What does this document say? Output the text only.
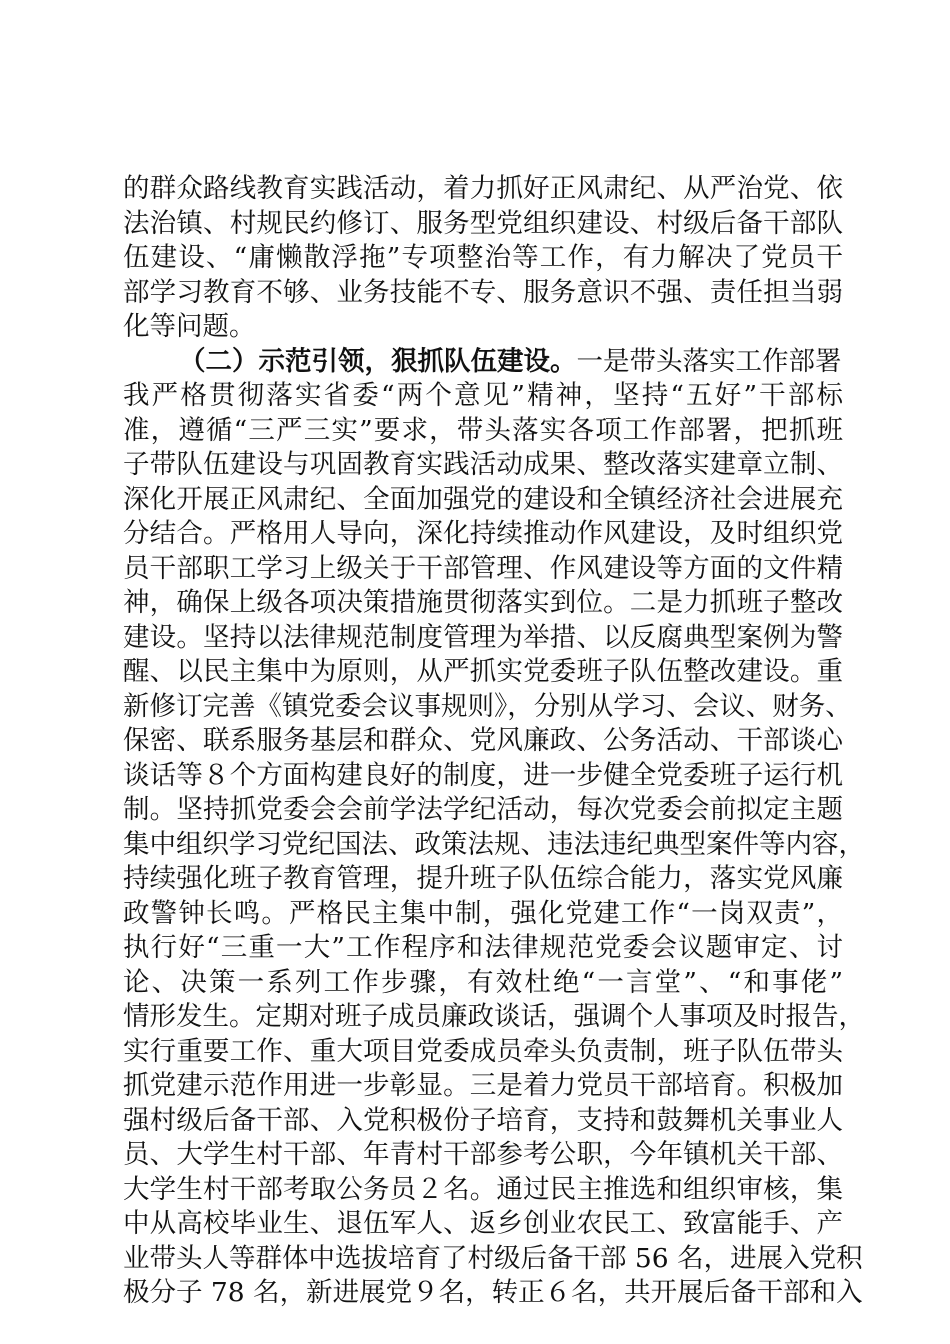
的群众路线教育实践活动，着力抓好正风肃纪、从严治党、依
法治镇、村规民约修订、服务型党组织建设、村级后备干部队
伍建设、“庸懒散浮拖”专项整治等工作，有力解决了党员干
部学习教育不够、业务技能不专、服务意识不强、责任担当弱
化等问题。
（二）示范引领，狠抓队伍建设。一是带头落实工作部署
我严格贯彻落实省委“两个意见”精神，坚持“五好”干部标
准，遵循“三严三实”要求，带头落实各项工作部署，把抓班
子带队伍建设与巩固教育实践活动成果、整改落实建章立制、
深化开展正风肃纪、全面加强党的建设和全镇经济社会进展充
分结合。严格用人导向，深化持续推动作风建设，及时组织党
员干部职工学习上级关于干部管理、作风建设等方面的文件精
神，确保上级各项决策措施贯彻落实到位。二是力抓班子整改
建设。坚持以法律规范制度管理为举措、以反腐典型案例为警
醒、以民主集中为原则，从严抓实党委班子队伍整改建设。重
新修订完善《镇党委会议事规则》，分别从学习、会议、财务、
保密、联系服务基层和群众、党风廉政、公务活动、干部谈心
谈话等８个方面构建良好的制度，进一步健全党委班子运行机
制。坚持抓党委会会前学法学纪活动，每次党委会前拟定主题
集中组织学习党纪国法、政策法规、违法违纪典型案件等内容，
持续强化班子教育管理，提升班子队伍综合能力，落实党风廉
政警钟长鸣。严格民主集中制，强化党建工作“一岗双责”，
执行好“三重一大”工作程序和法律规范党委会议题审定、讨
论、决策一系列工作步骤，有效杜绝“一言堂”、“和事佬”
情形发生。定期对班子成员廉政谈话，强调个人事项及时报告，
实行重要工作、重大项目党委成员牵头负责制，班子队伍带头
抓党建示范作用进一步彰显。三是着力党员干部培育。积极加
强村级后备干部、入党积极份子培育，支持和鼓舞机关事业人
员、大学生村干部、年青村干部参考公职，今年镇机关干部、
大学生村干部考取公务员２名。通过民主推选和组织审核，集
中从高校毕业生、退伍军人、返乡创业农民工、致富能手、产
业带头人等群体中选拔培育了村级后备干部 56 名，进展入党积
极分子 78 名，新进展党９名，转正６名，共开展后备干部和入
